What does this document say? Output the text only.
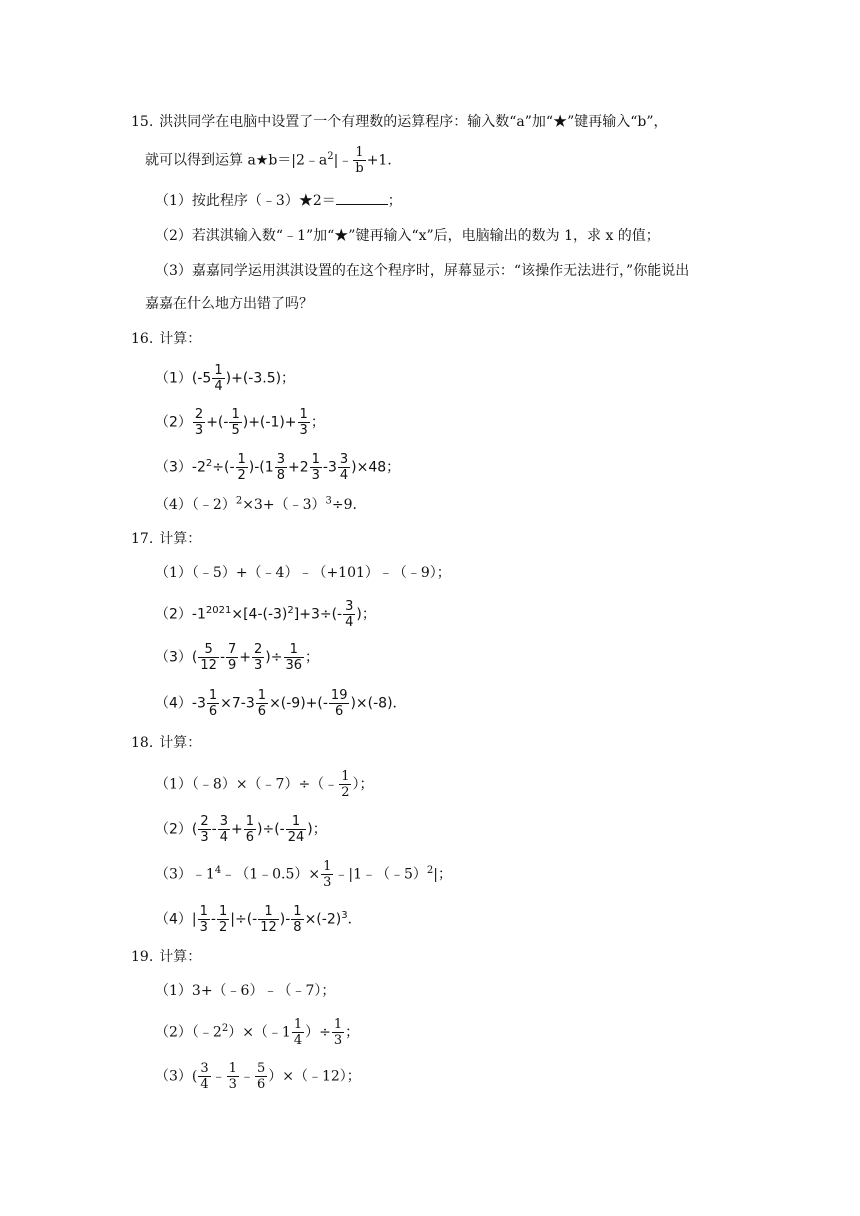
15. 洪洪同学在电脑中设置了一个有理数的运算程序：输入数“a”加“★”键再输入“b”，
就可以得到运算 $a★b=|2﹣a^2|﹣ \frac{1}{b} +1$．
（1）按此程序（﹣3）★2＝	；
（2）若淇淇输入数“﹣1”加“★”键再输入“x”后，电脑输出的数为 1，求 x 的值；
（3）嘉嘉同学运用淇淇设置的在这个程序时，屏幕显示：“该操作无法进行，”你能说出
嘉嘉在什么地方出错了吗？
16. 计算：
$(1)(-5 \frac{1}{4} )+(-3.5)$；
$(2) \frac{2}{3}$ +(- $\frac{1}{5} )+(-1)+ \frac{1}{3}$ ；
$(3)-2^2\div(- \frac{1}{2} )-(1 \frac{3}{8} +2 \frac{1}{3} -3 \frac{3}{4} )\times 48$；
（4）（﹣2）$^2$×3+（﹣3）$^3$÷9．
17. 计算：
（1）（﹣5）+（﹣4）﹣（+101）﹣（﹣9）；
$(2)-1^{2021}\times[4-(-3)^2]+3\div(- \frac{3}{4}$ )；
$(3)( \frac{5}{12} - \frac{7}{9} + \frac{2}{3}$ )÷ $\frac{1}{36}$ ；
$(4)-3 \frac{1}{6} \times 7-3 \frac{1}{6} \times(-9)+(- \frac{19}{6} )\times(-8)$．
18. 计算：
（1）（﹣8）×（﹣7）÷（﹣ $\frac{1}{2}$ ）；
$(2)( \frac{2}{3} - \frac{3}{4} + \frac{1}{6}$ )÷(- $\frac{1}{24}$ )；
$(3)﹣1^4﹣(1﹣0.5)\times \frac{1}{3}$ ﹣|1﹣（﹣5）$^2$|；
$(4)| \frac{1}{3} - \frac{1}{2}$ |÷(- $\frac{1}{12}$ )- $\frac{1}{8} \times(-2)^3$．
19. 计算：
（1）3+（﹣6）﹣（﹣7）；
$(2)(﹣2^2)\times(﹣1 \frac{1}{4}$ ）÷ $\frac{1}{3}$ ；
$(3)( \frac{3}{4}$ ﹣ $\frac{1}{3}$ ﹣ $\frac{5}{6}$ ）×（﹣12）；
